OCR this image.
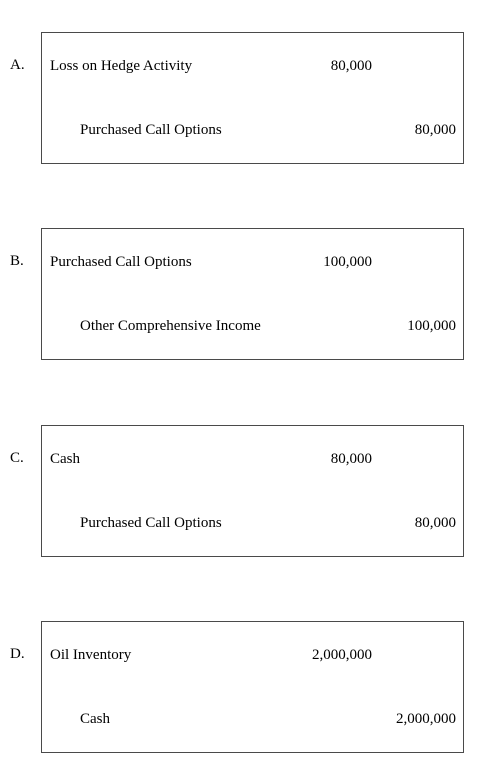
A. Loss on Hedge Activity	80,000
Purchased Call Options	80,000
B. Purchased Call Options	100,000
Other Comprehensive Income	100,000
C. Cash	80,000
Purchased Call Options	80,000
D. Oil Inventory	2,000,000
Cash	2,000,000
